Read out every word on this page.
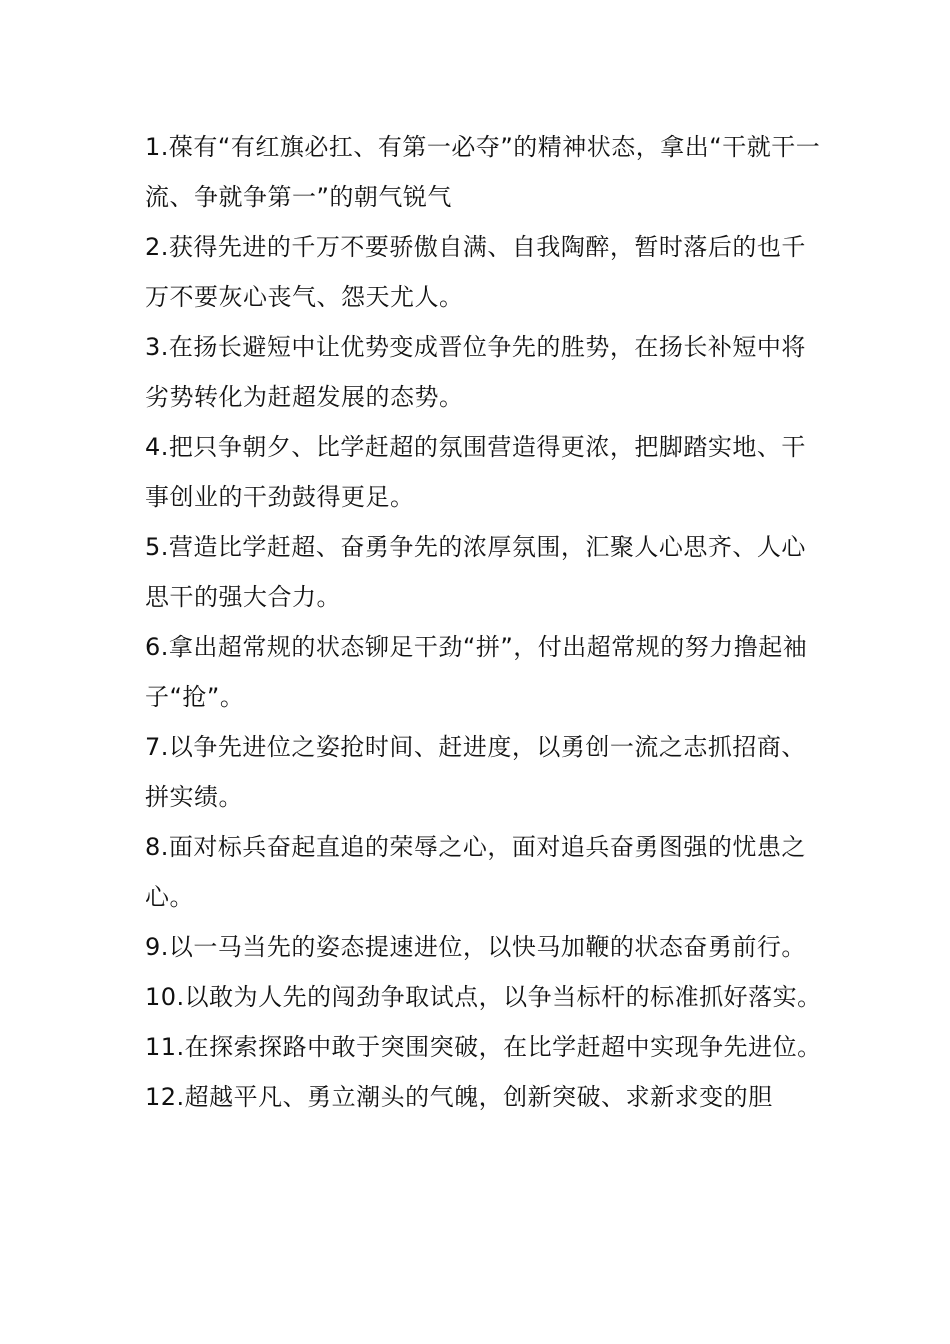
1.葆有“有红旗必扛、有第一必夺”的精神状态，拿出“干就干一流、争就争第一”的朝气锐气

2.获得先进的千万不要骄傲自满、自我陶醉，暂时落后的也千万不要灰心丧气、怨天尤人。

3.在扬长避短中让优势变成晋位争先的胜势，在扬长补短中将劣势转化为赶超发展的态势。

4.把只争朝夕、比学赶超的氛围营造得更浓，把脚踏实地、干事创业的干劲鼓得更足。

5.营造比学赶超、奋勇争先的浓厚氛围，汇聚人心思齐、人心思干的强大合力。

6.拿出超常规的状态铆足干劲“拼”，付出超常规的努力撸起袖子“抢”。

7.以争先进位之姿抢时间、赶进度，以勇创一流之志抓招商、拼实绩。

8.面对标兵奋起直追的荣辱之心，面对追兵奋勇图强的忧患之心。

9.以一马当先的姿态提速进位，以快马加鞭的状态奋勇前行。

10.以敢为人先的闯劲争取试点，以争当标杆的标准抓好落实。

11.在探索探路中敢于突围突破，在比学赶超中实现争先进位。

12.超越平凡、勇立潮头的气魄，创新突破、求新求变的胆
